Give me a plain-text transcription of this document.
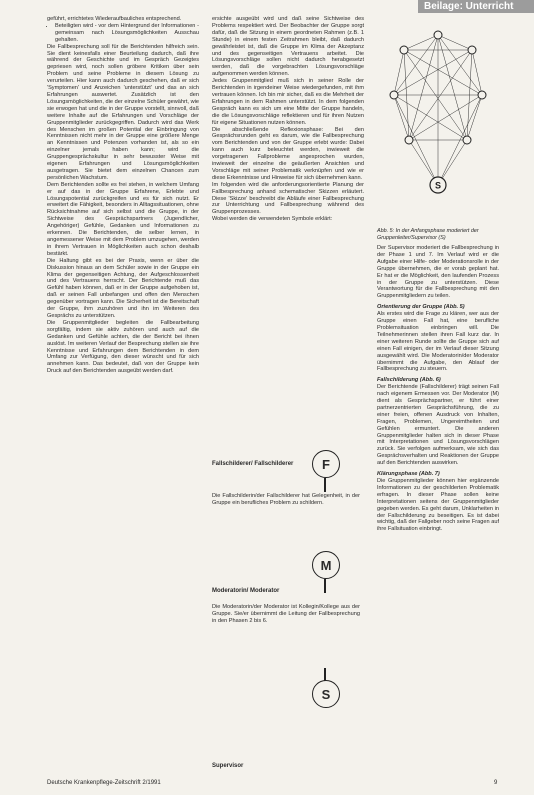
Beilage: Unterricht

geführt, errichtetes Wiederaufbauliches entsprechend.

• Beteiligten wird - vor dem Hintergrund der Informationen - gemeinsam nach Lösungsmöglichkeiten Ausschau gehalten.

Die Fallbesprechung soll für die Berichtenden hilfreich sein. Sie dient keinesfalls einer Beurteilung dadurch, daß ihre während der Geschichte und im Gespräch Gezeigtes gepriesen wird, noch sollen gröbere Kritiken über sein Problem und seine Probleme in diesem Lösung zu verurteilen. Hier kann auch dadurch geschehen, daß er sich 'Symptomen' und Anzeichen 'unterstützt' und das an sich Erfahrungen auswertet. Zusätzlich ist den Lösungsmöglichkeiten, die der einzelne Schüler gewährt, wie sie erwogen hat und die in der Gruppe vorstellt, sinnvoll, daß weitere Inhalte auf die Erfahrungen und Vorschläge der Gruppenmitglieder zurückgegriffen. Dadurch wird das Werk des Menschen im großen Potential der Einbringung von Kenntnissen nicht mehr in der Gruppe eine größere Menge an Kenntnissen und Potenzen vorhanden ist, als so ein einzelner jemals haben kann; wird die Gruppengesprächskultur in sehr bewusster Weise mit eigenen Erfahrungen und Lösungsmöglichkeiten ausgetragen. Sie bietet dem einzelnen Chancen zum persönlichen Wachstum.

Dem Berichtenden sollte es frei stehen, in welchem Umfang er auf das in der Gruppe Erfahrene, Erlebte und Lösungspotential zurückgreifen und es für sich nutzt. Er erweitert die Fähigkeit, besonders in Alltagssituationen, ohne Rücksichtnahme auf sich selbst und die Gruppe, in der Sichtweise des Gesprächspartners (Jugendlicher, Angehöriger) Gefühle, Gedanken und Informationen zu erkennen. Die Berichtenden, die selber lernen, in angemessener Weise mit dem Problem umzugehen, werden in ihrem Vertrauen in Möglichkeiten auch schon deshalb bestärkt.

Die Haltung gibt es bei der Praxis, wenn er über die Diskussion hinaus an dem Schüler sowie in der Gruppe ein Klima der gegenseitigen Achtung, der Aufgeschlossenheit und des Vertrauens herrscht. Der Berichtende muß das Gefühl haben können, daß er in der Gruppe aufgehoben ist, daß er seinen Fall unbefangen und offen den Menschen gegenüber vortragen kann. Die Sicherheit ist die Bereitschaft der Gruppe, ihm zuzuhören und ihn im Weiteren des Gesprächs zu unterstützen.

Die Gruppenmitglieder begleiten die Fallbearbeitung sorgfältig, indem sie aktiv zuhören und auch auf die Gedanken und Gefühle achten, die der Bericht bei ihnen auslöst. Im weiteren Verlauf der Besprechung stellen sie ihre Kenntnisse und Erfahrungen dem Berichtenden in dem Umfang zur Verfügung, den dieser wünscht und für sich annehmen kann. Das bedeutet, daß von der Gruppe kein Druck auf den Berichtenden ausgeübt werden darf.

ersichte ausgeübt wird und daß seine Sichtweise des Problems respektiert wird. Der Beobachter der Gruppe sorgt dafür, daß die Sitzung in einem geordneten Rahmen (z.B. 1 Stunde) in einem festen Zeitrahmen bleibt, daß dadurch gewährleistet ist, daß die Gruppe im Klima der Akzeptanz und des gegenseitigen Vertrauens arbeitet. Die Lösungsvorschläge sollen nicht dadurch herabgesetzt werden, daß die vorgebrachten Lösungsvorschläge aufgenommen werden können.

Jedes Gruppenmitglied muß sich in seiner Rolle der Berichtenden in irgendeiner Weise wiedergefunden, mit ihm vertrauen können. Ich bin mir sicher, daß es die Mehrheit der Erfahrungen in dem Rahmen unterstützt. In dem folgenden Gespräch kann es sich um eine Mitte der Gruppe handeln, die die Lösungsvorschläge reflektieren und für ihren Nutzen für eigene Situationen nutzen können.

Die abschließende Reflexionsphase: Bei den Gesprächsrunden geht es darum, wie die Fallbesprechung vom Berichtenden und von der Gruppe erlebt wurde: Dabei kann auch kurz beleuchtet werden, inwieweit die vorgetragenen Fallprobleme angesprochen wurden, inwieweit der einzelne die geäußerten Ansichten und Vorschläge mit seiner Problematik verknüpfen und wie er diese Erkenntnisse und Hinweise für sich übernehmen kann.

Im folgenden wird die anforderungsorientierte Planung der Fallbesprechung anhand schematischer Skizzen erläutert. Diese 'Skizze' beschreibt die Abläufe einer Fallbesprechung zur Unterrichtung und Fallbesprechung während des Gruppenprozesses.

Wobei werden die verwendeten Symbole erklärt:

F
Fallschilderer/ Fallschilderer
Die Fallschilderin/der Fallschilderer hat Gelegenheit, in der Gruppe ein berufliches Problem zu schildern.
M
Moderatorin/ Moderator
Die Moderatorin/der Moderator ist Kollegin/Kollege aus der Gruppe. Sie/er übernimmt die Leitung der Fallbesprechung in den Phasen 2 bis 6.
S
Supervisor
S
Abb. 5: In der Anfangsphase moderiert der Gruppenleiter/Supervisor (S)

Der Supervisor moderiert die Fallbesprechung in der Phase 1 und 7. Im Verlauf wird er die Aufgabe einer Hilfe- oder Moderationsrolle in der Gruppe übernehmen, die er vorab geplant hat. Er hat er die Möglichkeit, den laufenden Prozess in der Gruppe zu unterstützen. Diese Verantwortung für die Fallbesprechung mit den Gruppenmitgliedern zu teilen.

Orientierung der Gruppe (Abb. 5)

Als erstes wird die Frage zu klären, wer aus der Gruppe einen Fall hat, eine berufliche Problemsituation einbringen will. Die Teilnehmerinnen stellen ihren Fall kurz dar. In einer weiteren Runde sollte die Gruppe sich auf einen Fall einigen, der im Verlauf dieser Sitzung ausgewählt wird. Die Moderatorin/der Moderator übernimmt die Aufgabe, den Ablauf der Fallbesprechung zu steuern.

Fallschilderung (Abb. 6)

Der Berichtende (Fallschilderer) trägt seinen Fall nach eigenem Ermessen vor. Der Moderator (M) dient als Gesprächspartner, er führt einer partnerzentrierten Gesprächsführung, die zu einer freien, offenen Ausdruck von Inhalten, Fragen, Problemen, Ungereimtheiten und Gefühlen ermuntert. Die anderen Gruppenmitglieder halten sich in dieser Phase mit Interpretationen und Lösungsvorschlägen zurück. Sie verfolgen aufmerksam, wie sich das Gesprächsverhalten und Reaktionen der Gruppe auf den Berichtenden auswirken.

Klärungsphase (Abb. 7)

Die Gruppenmitglieder können hier ergänzende Informationen zu der geschilderten Problematik erfragen. In dieser Phase sollen keine Interpretationen seitens der Gruppenmitglieder gegeben werden. Es geht darum, Unklarheiten in der Fallschilderung zu beseitigen. Es ist dabei wichtig, daß der Fallgeber noch seine Fragen auf ihre Fallsituation einbringt.

Deutsche Krankenpflege-Zeitschrift 2/1991	9
